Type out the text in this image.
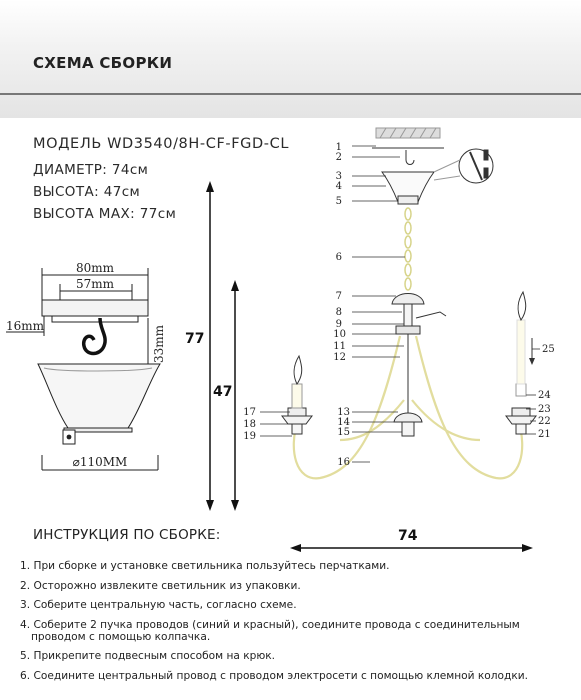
СХЕМА СБОРКИ
МОДЕЛЬ WD3540/8H-CF-FGD-CL
ДИАМЕТР: 74см
ВЫСОТА: 47см
ВЫСОТА MAX: 77см
80mm
57mm
16mm	33mm
⌀110MM
77
47
74
1
2
3
4
5
6
7
8
9
10
11
12
13
14
15
16
17
18
19	21
22
23
24
25
ИНСТРУКЦИЯ ПО СБОРКЕ:
1. При сборке и установке светильника пользуйтесь перчатками.
2. Осторожно извлеките светильник из упаковки.
3. Соберите центральную часть, согласно схеме.
4. Соберите 2 пучка проводов (синий и красный), соедините провода с соединительным
проводом с помощью колпачка.
5. Прикрепите подвесным способом на крюк.
6. Соедините центральный провод с проводом электросети с помощью клемной колодки.
